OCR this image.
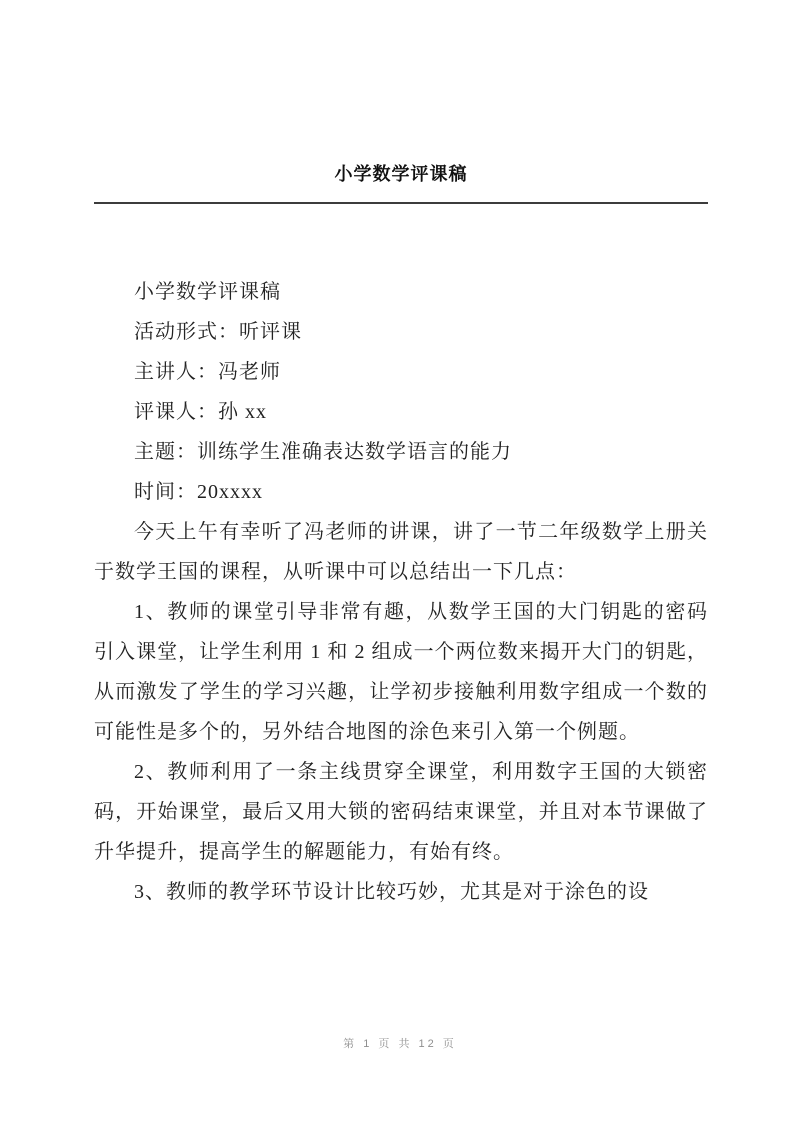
小学数学评课稿

小学数学评课稿

活动形式：听评课

主讲人：冯老师

评课人：孙 xx

主题：训练学生准确表达数学语言的能力

时间：20xxxx

今天上午有幸听了冯老师的讲课，讲了一节二年级数学上册关于数学王国的课程，从听课中可以总结出一下几点：

1、教师的课堂引导非常有趣，从数学王国的大门钥匙的密码引入课堂，让学生利用 1 和 2 组成一个两位数来揭开大门的钥匙，从而激发了学生的学习兴趣，让学初步接触利用数字组成一个数的可能性是多个的，另外结合地图的涂色来引入第一个例题。

2、教师利用了一条主线贯穿全课堂，利用数字王国的大锁密码，开始课堂，最后又用大锁的密码结束课堂，并且对本节课做了升华提升，提高学生的解题能力，有始有终。

3、教师的教学环节设计比较巧妙，尤其是对于涂色的设

第 1 页 共 12 页
